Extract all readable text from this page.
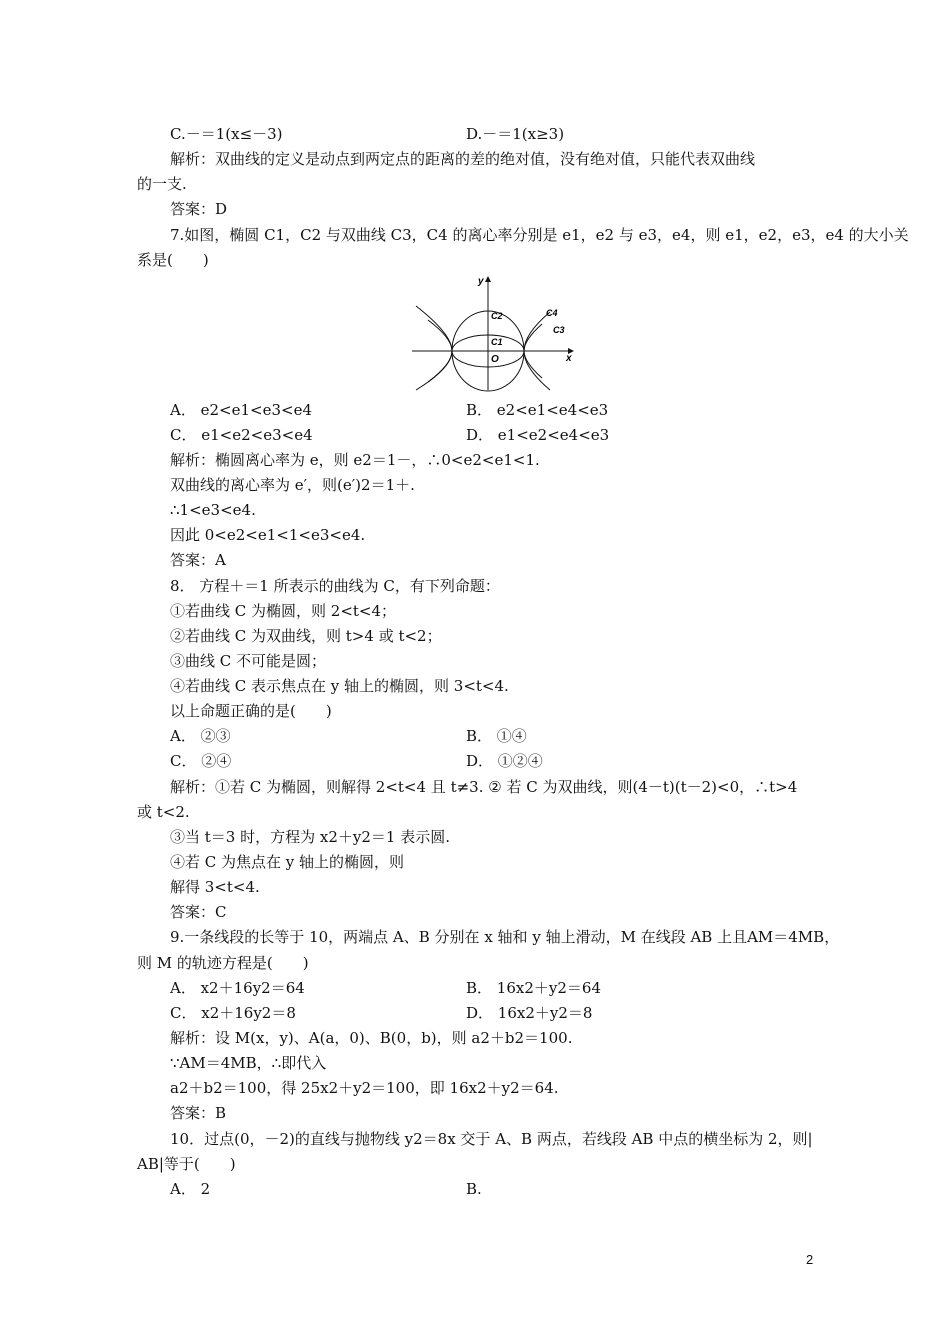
C.－＝1(x≤－3)	D.－＝1(x≥3)
解析：双曲线的定义是动点到两定点的距离的差的绝对值，没有绝对值，只能代表双曲线
的一支.
答案：D
7.如图，椭圆 C1，C2 与双曲线 C3，C4 的离心率分别是 e1，e2 与 e3，e4，则 e1，e2，e3，e4 的大小关
系是(　　)
y
x
O
C1
C2
C3
C4
A． e2<e1<e3<e4	B． e2<e1<e4<e3
C． e1<e2<e3<e4	D． e1<e2<e4<e3
解析：椭圆离心率为 e，则 e2＝1－，∴0<e2<e1<1.
双曲线的离心率为 e′，则(e′)2＝1＋.
∴1<e3<e4.
因此 0<e2<e1<1<e3<e4.
答案：A
8． 方程＋＝1 所表示的曲线为 C，有下列命题：
①若曲线 C 为椭圆，则 2<t<4；
②若曲线 C 为双曲线，则 t>4 或 t<2；
③曲线 C 不可能是圆；
④若曲线 C 表示焦点在 y 轴上的椭圆，则 3<t<4.
以上命题正确的是(　　)
A． ②③	B． ①④
C． ②④	D． ①②④
解析：①若 C 为椭圆，则解得 2<t<4 且 t≠3. ② 若 C 为双曲线，则(4－t)(t－2)<0，∴t>4
或 t<2.
③当 t＝3 时，方程为 x2＋y2＝1 表示圆.
④若 C 为焦点在 y 轴上的椭圆，则
解得 3<t<4.
答案：C
9.一条线段的长等于 10，两端点 A、B 分别在 x 轴和 y 轴上滑动，M 在线段 AB 上且AM＝4MB，
则 M 的轨迹方程是(　　)
A． x2＋16y2＝64	B． 16x2＋y2＝64
C． x2＋16y2＝8	D． 16x2＋y2＝8
解析：设 M(x，y)、A(a，0)、B(0，b)，则 a2＋b2＝100.
∵AM＝4MB，∴即代入
a2＋b2＝100，得 25x2＋y2＝100，即 16x2＋y2＝64.
答案：B
10．过点(0，－2)的直线与抛物线 y2＝8x 交于 A、B 两点，若线段 AB 中点的横坐标为 2，则|
AB|等于(　　)
A． 2	B.
2
